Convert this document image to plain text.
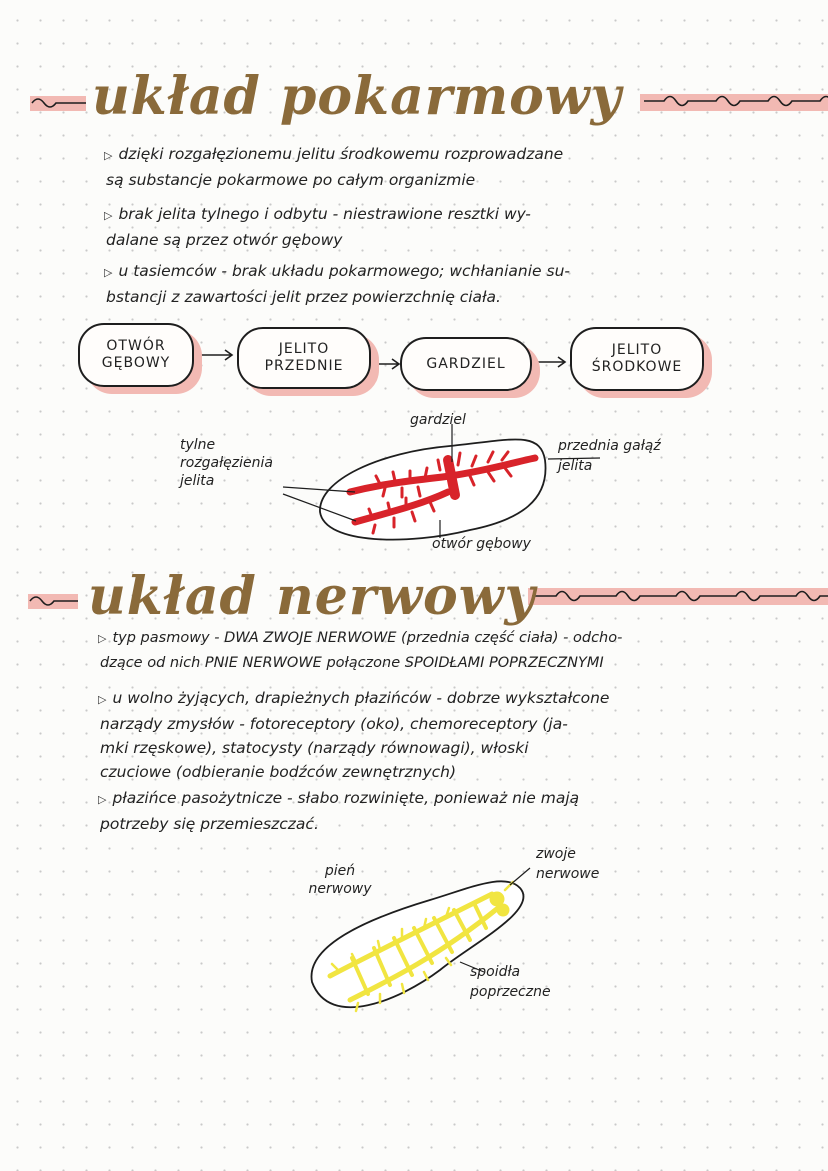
układ pokarmowy
▷ dzięki rozgałęzionemu jelitu środkowemu rozprowadzane
są substancje pokarmowe po całym organizmie
▷ brak jelita tylnego i odbytu - niestrawione resztki wy-
dalane są przez otwór gębowy
▷ u tasiemców - brak układu pokarmowego; wchłanianie su-
bstancji z zawartości jelit przez powierzchnię ciała.
OTWÓR GĘBOWY
JELITO PRZEDNIE	GARDZIEL
JELITO ŚRODKOWE
gardziel
tylne rozgałęzienia jelita
przednia gałąź jelita
otwór gębowy
układ nerwowy
▷ typ pasmowy - DWA ZWOJE NERWOWE (przednia część ciała) - odcho-
dzące od nich PNIE NERWOWE połączone SPOIDŁAMI POPRZECZNYMI
▷ u wolno żyjących, drapieżnych płazińców - dobrze wykształcone
narządy zmysłów - fotoreceptory (oko), chemoreceptory (ja-
mki rzęskowe), statocysty (narządy równowagi), włoski
czuciowe (odbieranie bodźców zewnętrznych)
▷ płazińce pasożytnicze - słabo rozwinięte, ponieważ nie mają
potrzeby się przemieszczać.
pień nerwowy
zwoje nerwowe
spoidła poprzeczne
